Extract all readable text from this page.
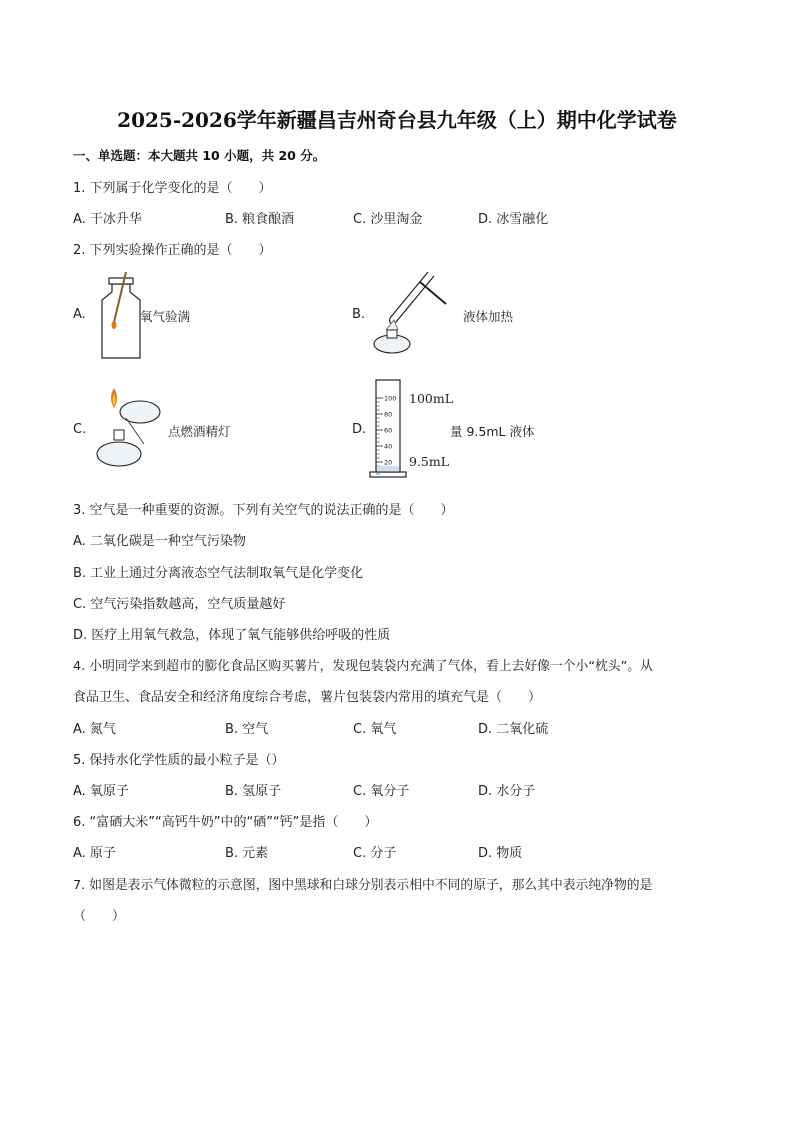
2025-2026学年新疆昌吉州奇台县九年级（上）期中化学试卷
一、单选题：本大题共 10 小题，共 20 分。
1. 下列属于化学变化的是（　　）
A. 干冰升华	B. 粮食酿酒	C. 沙里淘金	D. 冰雪融化
2. 下列实验操作正确的是（　　）
A.	氧气验满	B.	液体加热
C.	点燃酒精灯	D.
100
80
60
40
20
100mL
9.5mL
量 9.5mL 液体
3. 空气是一种重要的资源。下列有关空气的说法正确的是（　　）
A. 二氧化碳是一种空气污染物
B. 工业上通过分离液态空气法制取氧气是化学变化
C. 空气污染指数越高，空气质量越好
D. 医疗上用氧气救急，体现了氧气能够供给呼吸的性质
4. 小明同学来到超市的膨化食品区购买薯片，发现包装袋内充满了气体，看上去好像一个小“枕头”。从
食品卫生、食品安全和经济角度综合考虑，薯片包装袋内常用的填充气是（　　）
A. 氮气	B. 空气	C. 氧气	D. 二氧化硫
5. 保持水化学性质的最小粒子是（）
A. 氧原子	B. 氢原子	C. 氧分子	D. 水分子
6. “富硒大米”“高钙牛奶”中的“硒”“钙”是指（　　）
A. 原子	B. 元素	C. 分子	D. 物质
7. 如图是表示气体微粒的示意图，图中黑球和白球分别表示相中不同的原子，那么其中表示纯净物的是
（　　）
